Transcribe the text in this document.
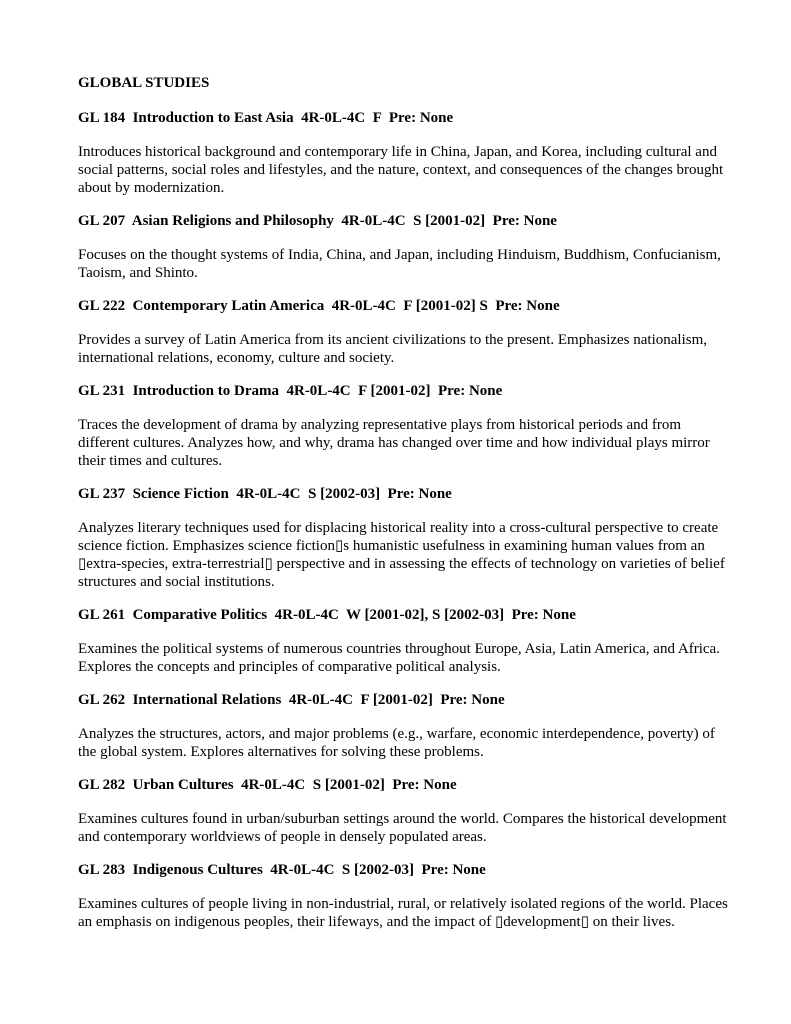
GLOBAL STUDIES

GL 184  Introduction to East Asia  4R-0L-4C  F  Pre: None

Introduces historical background and contemporary life in China, Japan, and Korea, including cultural and social patterns, social roles and lifestyles, and the nature, context, and consequences of the changes brought about by modernization.

GL 207  Asian Religions and Philosophy  4R-0L-4C  S [2001-02]  Pre: None

Focuses on the thought systems of India, China, and Japan, including Hinduism, Buddhism, Confucianism, Taoism, and Shinto.

GL 222  Contemporary Latin America  4R-0L-4C  F [2001-02] S  Pre: None

Provides a survey of Latin America from its ancient civilizations to the present. Emphasizes nationalism, international relations, economy, culture and society.

GL 231  Introduction to Drama  4R-0L-4C  F [2001-02]  Pre: None

Traces the development of drama by analyzing representative plays from historical periods and from different cultures. Analyzes how, and why, drama has changed over time and how individual plays mirror their times and cultures.

GL 237  Science Fiction  4R-0L-4C  S [2002-03]  Pre: None

Analyzes literary techniques used for displacing historical reality into a cross-cultural perspective to create science fiction. Emphasizes science fiction▯s humanistic usefulness in examining human values from an ▯extra-species, extra-terrestrial▯ perspective and in assessing the effects of technology on varieties of belief structures and social institutions.

GL 261  Comparative Politics  4R-0L-4C  W [2001-02], S [2002-03]  Pre: None

Examines the political systems of numerous countries throughout Europe, Asia, Latin America, and Africa. Explores the concepts and principles of comparative political analysis.

GL 262  International Relations  4R-0L-4C  F [2001-02]  Pre: None

Analyzes the structures, actors, and major problems (e.g., warfare, economic interdependence, poverty) of the global system. Explores alternatives for solving these problems.

GL 282  Urban Cultures  4R-0L-4C  S [2001-02]  Pre: None

Examines cultures found in urban/suburban settings around the world. Compares the historical development and contemporary worldviews of people in densely populated areas.

GL 283  Indigenous Cultures  4R-0L-4C  S [2002-03]  Pre: None

Examines cultures of people living in non-industrial, rural, or relatively isolated regions of the world. Places an emphasis on indigenous peoples, their lifeways, and the impact of ▯development▯ on their lives.
